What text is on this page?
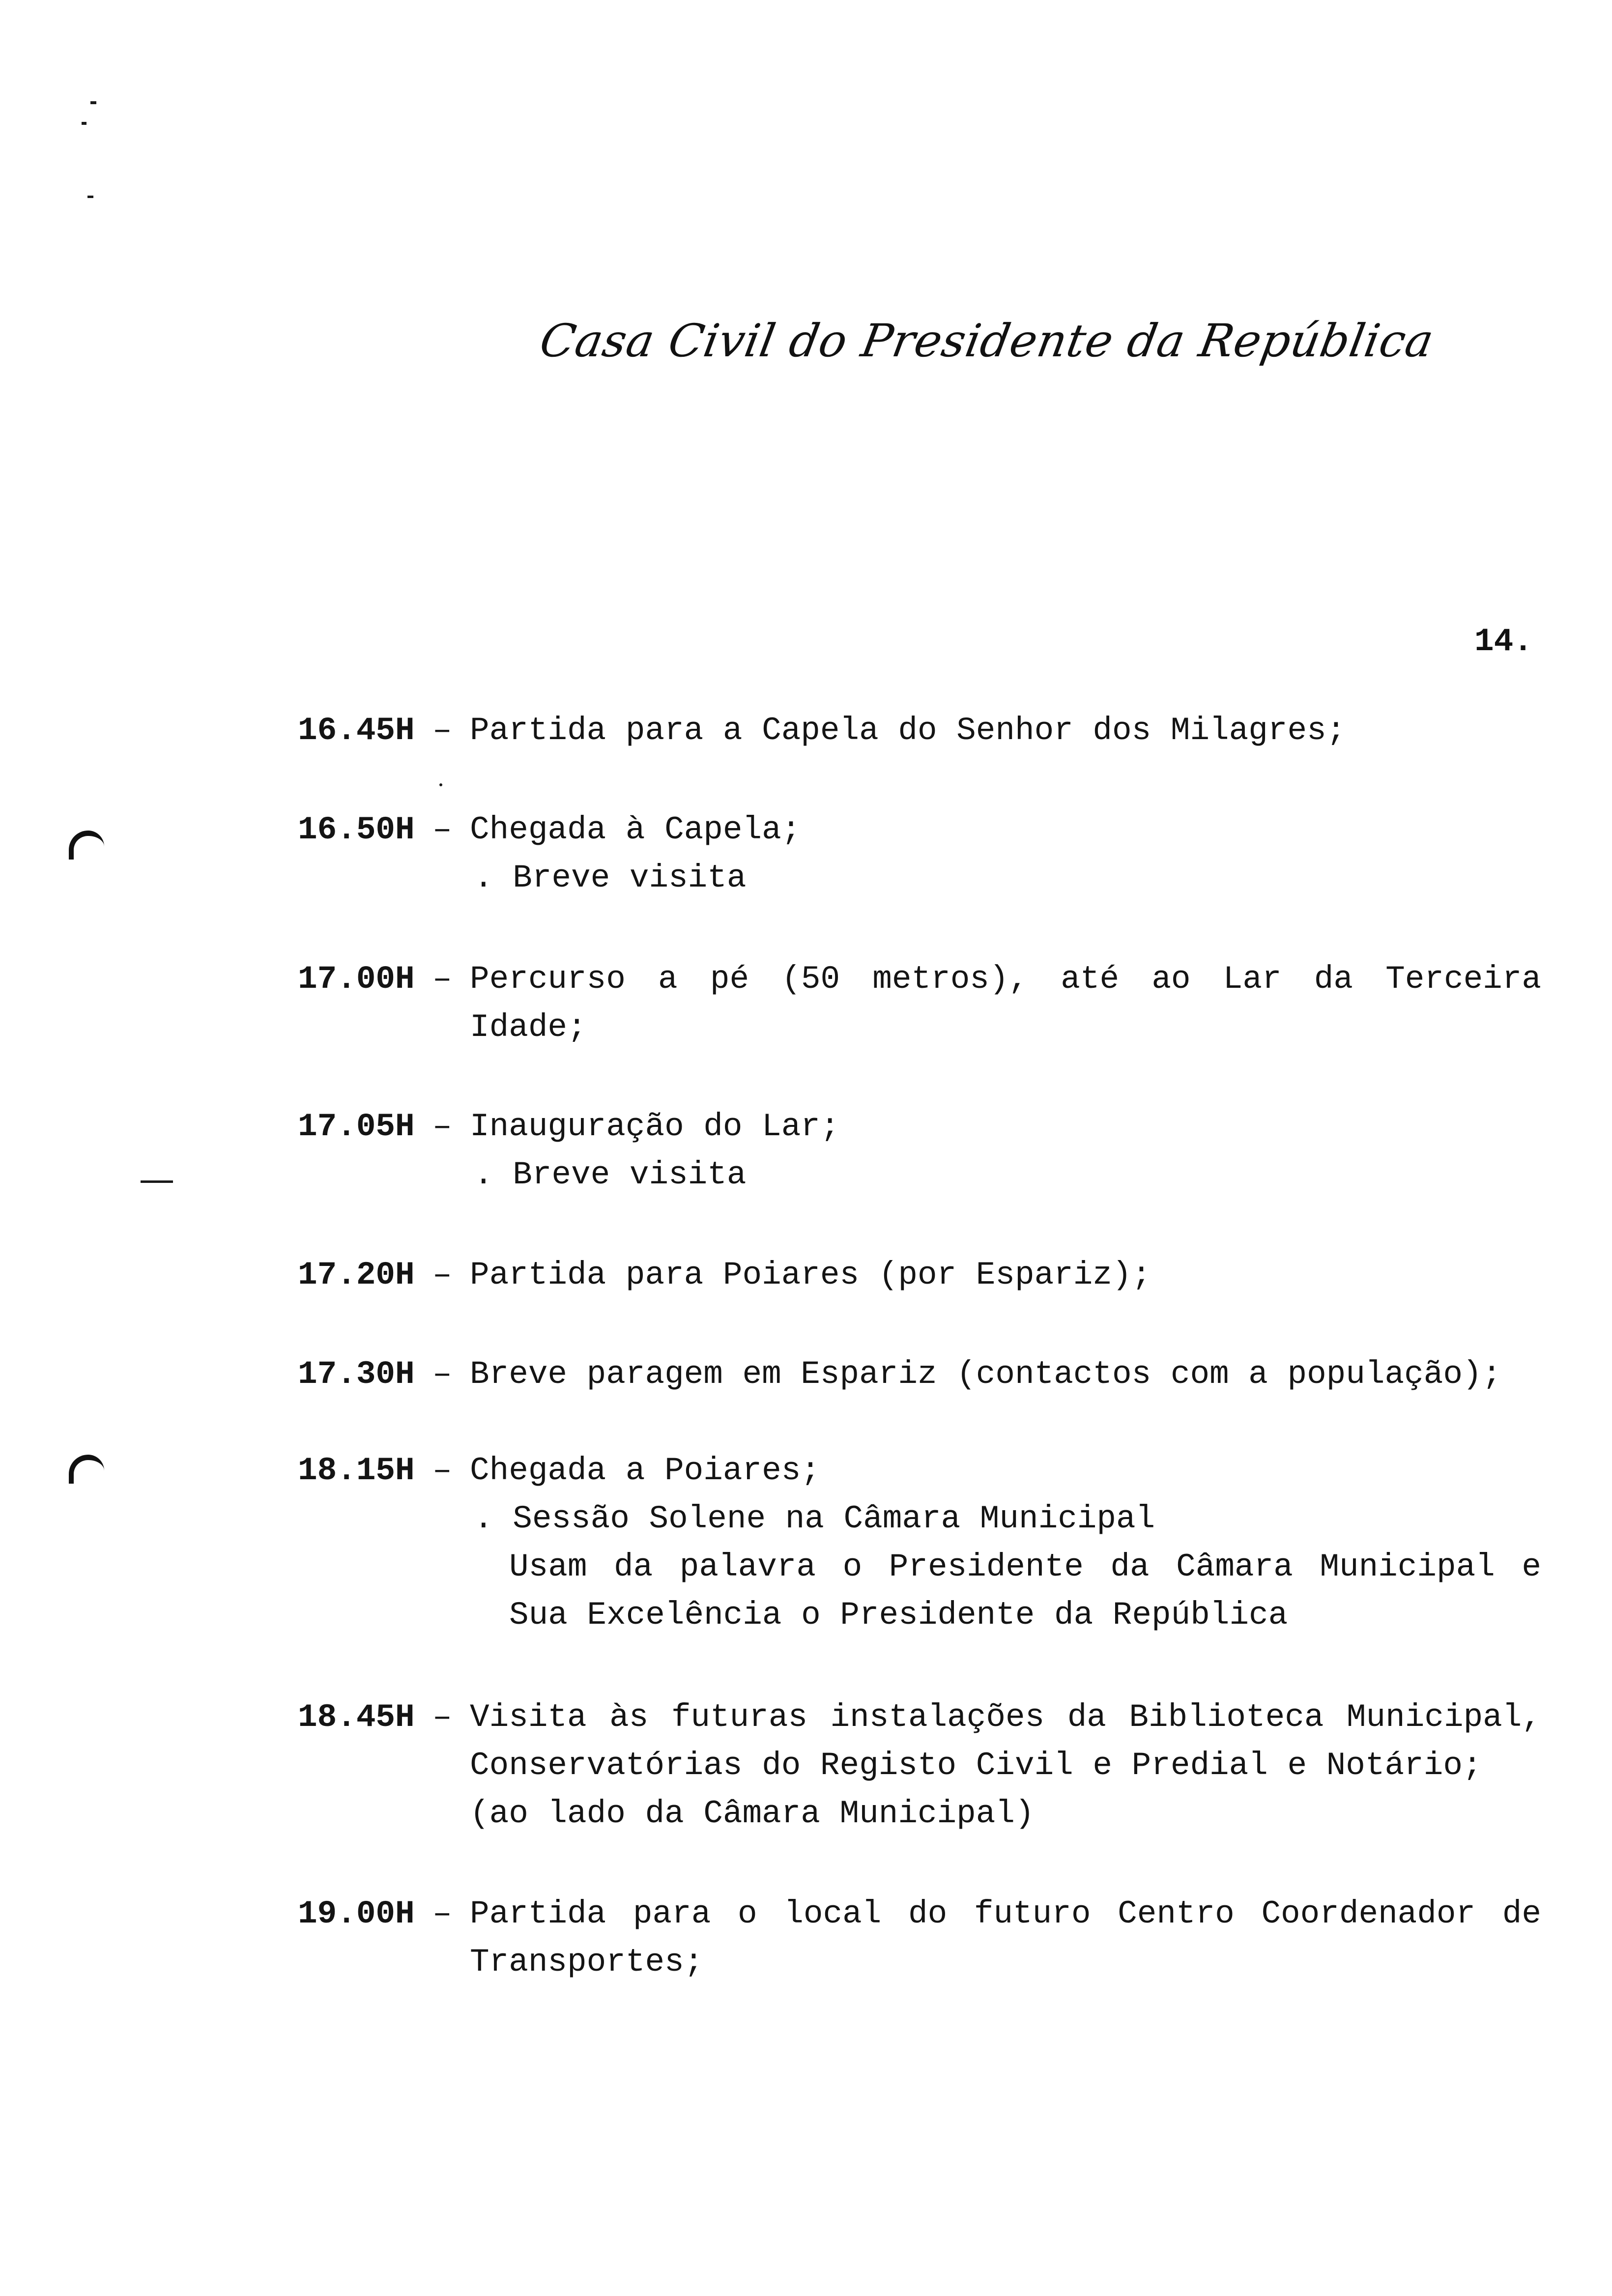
Casa Civil do Presidente da República
14.
16.45H – Partida para a Capela do Senhor dos Milagres;
16.50H – Chegada à Capela;
. Breve visita
17.00H – Percurso a pé (50 metros), até ao Lar da Terceira
Idade;
17.05H – Inauguração do Lar;
. Breve visita
17.20H – Partida para Poiares (por Espariz);
17.30H – Breve paragem em Espariz (contactos com a população);
18.15H – Chegada a Poiares;
. Sessão Solene na Câmara Municipal
Usam da palavra o Presidente da Câmara Municipal e
Sua Excelência o Presidente da República
18.45H – Visita às futuras instalações da Biblioteca Municipal,
Conservatórias do Registo Civil e Predial e Notário;
(ao lado da Câmara Municipal)
19.00H – Partida para o local do futuro Centro Coordenador de
Transportes;
